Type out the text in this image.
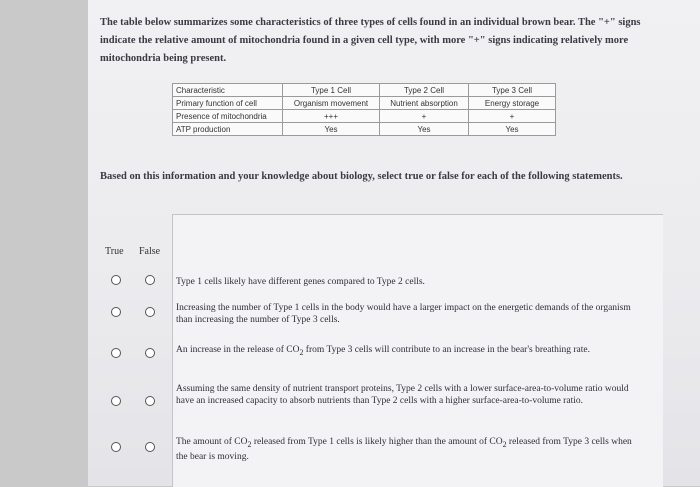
The table below summarizes some characteristics of three types of cells found in an individual brown bear. The "+" signs indicate the relative amount of mitochondria found in a given cell type, with more "+" signs indicating relatively more mitochondria being present.
Characteristic	Type 1 Cell	Type 2 Cell	Type 3 Cell
Primary function of cell	Organism movement	Nutrient absorption	Energy storage
Presence of mitochondria	+++	+	+
ATP production	Yes	Yes	Yes
Based on this information and your knowledge about biology, select true or false for each of the following statements.
True False
Type 1 cells likely have different genes compared to Type 2 cells.
Increasing the number of Type 1 cells in the body would have a larger impact on the energetic demands of the organism than increasing the number of Type 3 cells.
An increase in the release of $CO_2$ from Type 3 cells will contribute to an increase in the bear's breathing rate.
Assuming the same density of nutrient transport proteins, Type 2 cells with a lower surface-area-to-volume ratio would have an increased capacity to absorb nutrients than Type 2 cells with a higher surface-area-to-volume ratio.
The amount of $CO_2$ released from Type 1 cells is likely higher than the amount of $CO_2$ released from Type 3 cells when the bear is moving.
